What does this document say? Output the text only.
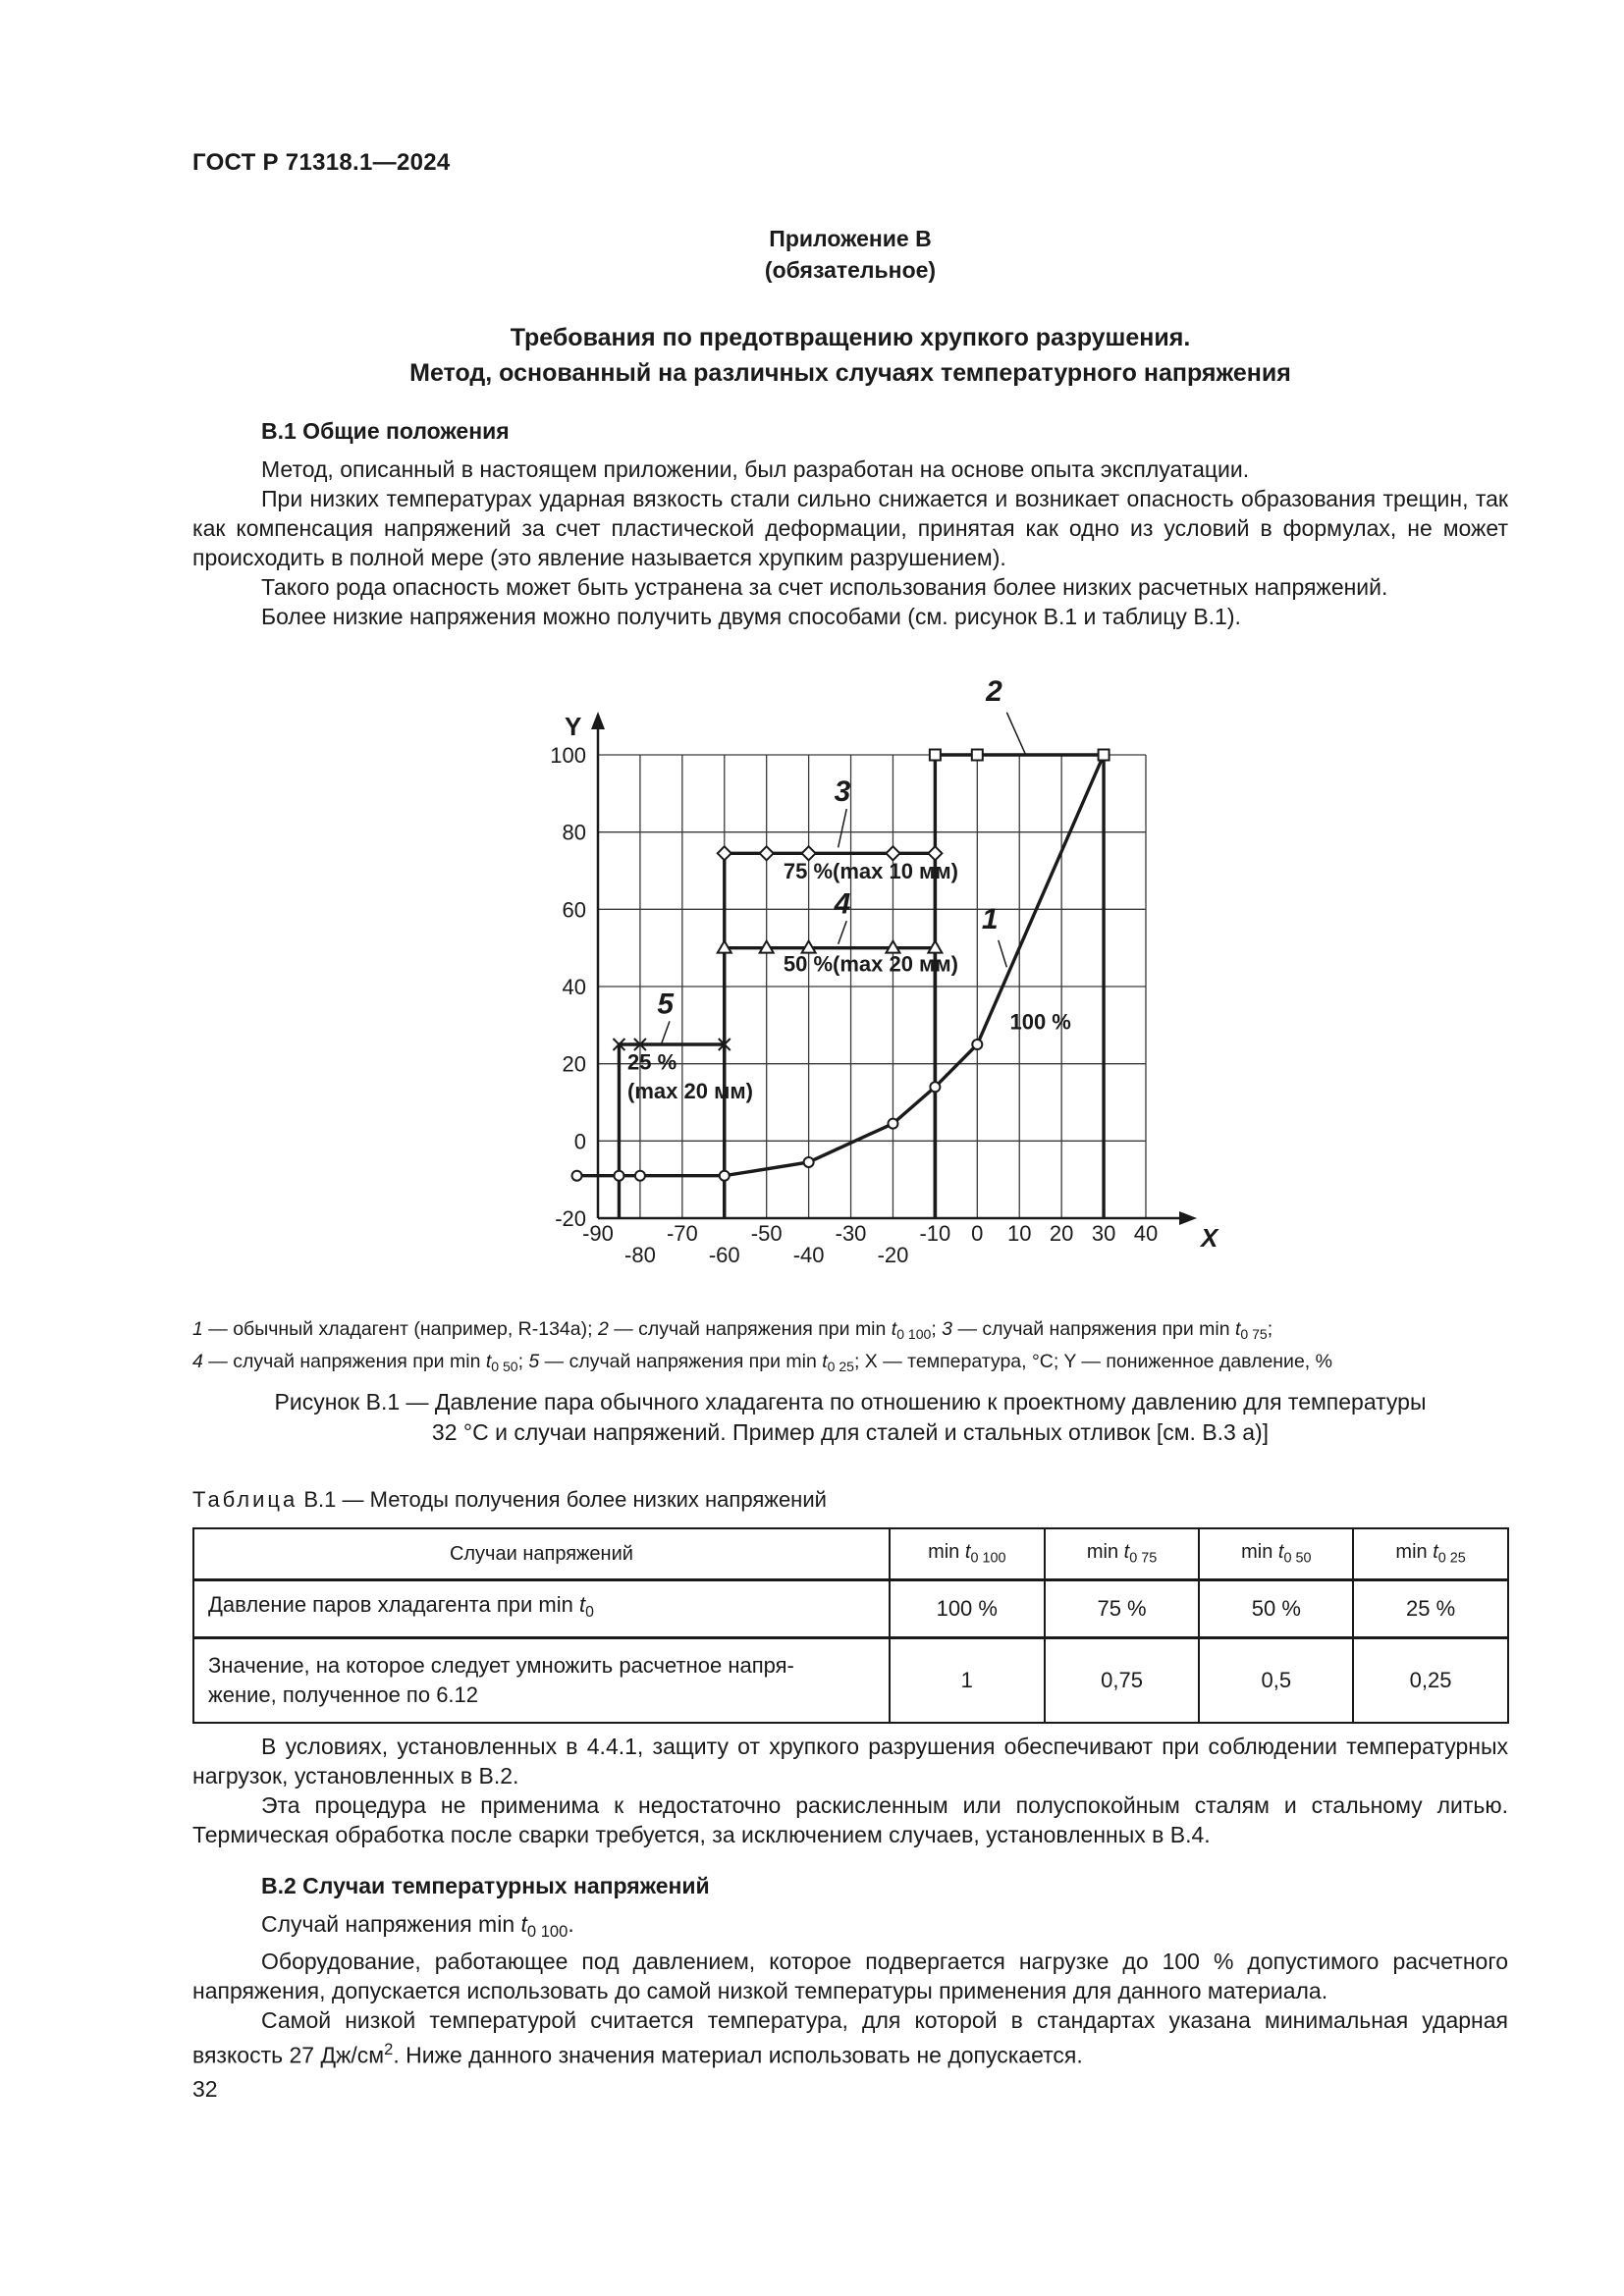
ГОСТ Р 71318.1—2024
Приложение В
(обязательное)
Требования по предотвращению хрупкого разрушения.
Метод, основанный на различных случаях температурного напряжения
В.1 Общие положения

Метод, описанный в настоящем приложении, был разработан на основе опыта эксплуатации.

При низких температурах ударная вязкость стали сильно снижается и возникает опасность образования трещин, так как компенсация напряжений за счет пластической деформации, принятая как одно из условий в формулах, не может происходить в полной мере (это явление называется хрупким разрушением).

Такого рода опасность может быть устранена за счет использования более низких расчетных напряжений.

Более низкие напряжения можно получить двумя способами (см. рисунок В.1 и таблицу В.1).

-90
-80
-70
-60
-50
-40
-30
-20
-10 0 10 20 30 40
-20
0
20
40
60
80
100
X
Y
1
2
3
4
5
75 %(max 10 мм)
50 %(max 20 мм)
100 %
25 %
(max 20 мм)
1 — обычный хладагент (например, R-134a); 2 — случай напряжения при $\min t_{0 100}$; 3 — случай напряжения при $\min t_{0 75}$;
4 — случай напряжения при $\min t_{0 50}$; 5 — случай напряжения при $\min t_{0 25}$; X — температура, °C; Y — пониженное давление, %
Рисунок В.1 — Давление пара обычного хладагента по отношению к проектному давлению для температуры
32 °С и случаи напряжений. Пример для сталей и стальных отливок [см. В.3 а)]
Таблица В.1 — Методы получения более низких напряжений
Случаи напряжений	$\min t_{0 100}$	$\min t_{0 75}$	$\min t_{0 50}$	$\min t_{0 25}$
Давление паров хладагента при $\min t_0$	100 %	75 %	50 %	25 %

Значение, на которое следует умножить расчетное напря-
жение, полученное по 6.12	1	0,75	0,5	0,25

В условиях, установленных в 4.4.1, защиту от хрупкого разрушения обеспечивают при соблюдении температурных нагрузок, установленных в В.2.

Эта процедура не применима к недостаточно раскисленным или полуспокойным сталям и стальному литью. Термическая обработка после сварки требуется, за исключением случаев, установленных в В.4.

В.2 Случаи температурных напряжений

Случай напряжения $\min t_{0 100}$.

Оборудование, работающее под давлением, которое подвергается нагрузке до 100 % допустимого расчетного напряжения, допускается использовать до самой низкой температуры применения для данного материала.

Самой низкой температурой считается температура, для которой в стандартах указана минимальная ударная вязкость 27 $Дж/см^2$. Ниже данного значения материал использовать не допускается.

32
